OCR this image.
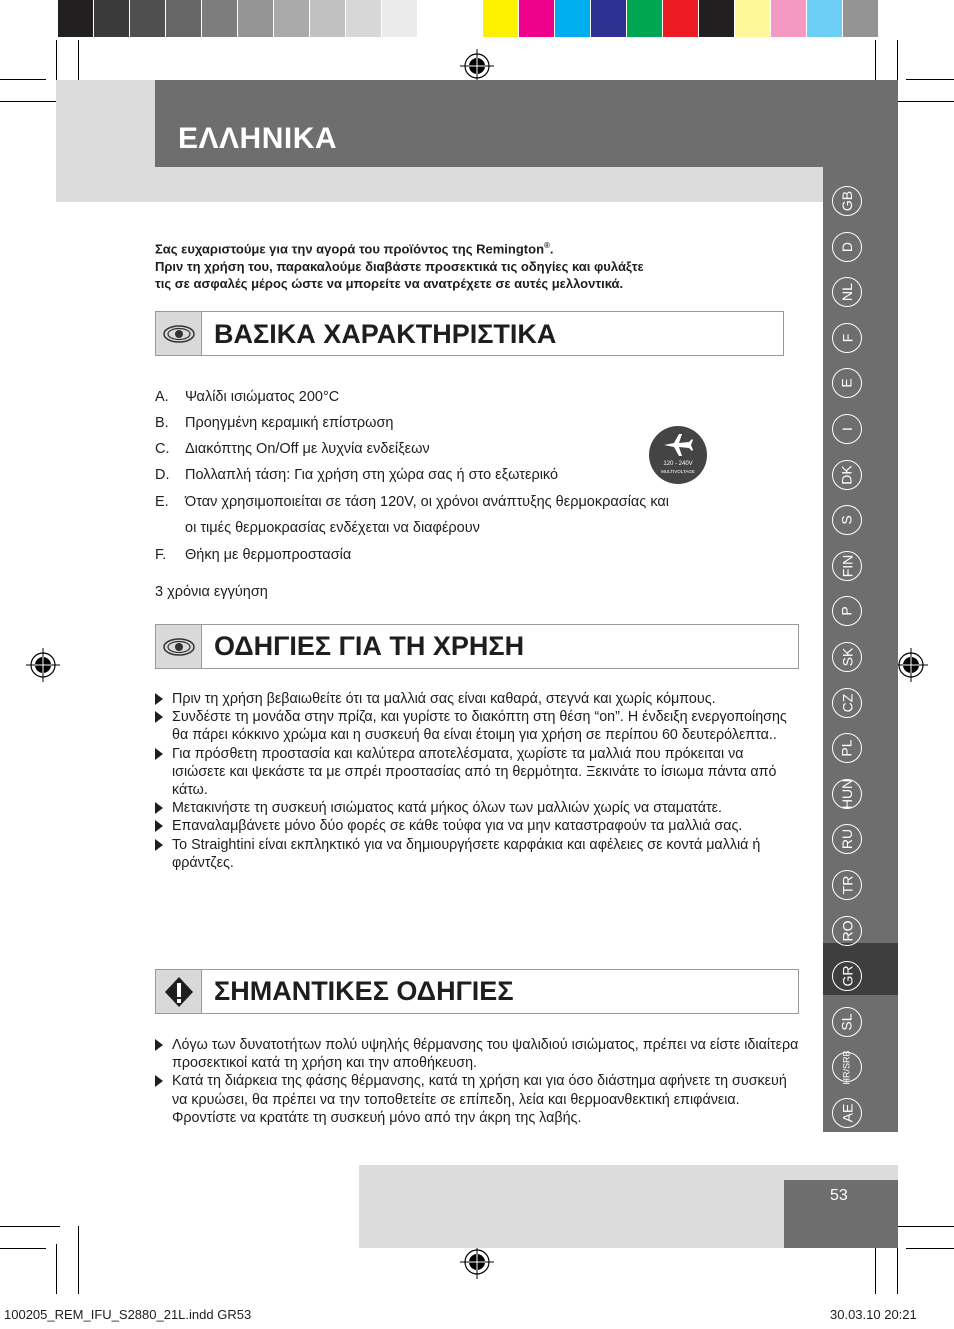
ΕΛΛΗΝΙΚΑ
GB
D
NL
F
E
I
DK
S
FIN
P
SK
CZ
PL
HUN
RU
TR
RO
GR
SL
HR/SRB
AE
Σας ευχαριστούμε για την αγορά του προϊόντος της Remington®.
Πριν τη χρήση του, παρακαλούμε διαβάστε προσεκτικά τις οδηγίες και φυλάξτε
τις σε ασφαλές μέρος ώστε να μπορείτε να ανατρέχετε σε αυτές μελλοντικά.
ΒΑΣΙΚΑ ΧΑΡΑΚΤΗΡΙΣΤΙΚΑ
A. Ψαλίδι ισιώματος 200°C
B. Προηγμένη κεραμική επίστρωση
C. Διακόπτης On/Off με λυχνία ενδείξεων
D. Πολλαπλή τάση: Για χρήση στη χώρα σας ή στο εξωτερικό
E. Όταν χρησιμοποιείται σε τάση 120V, οι χρόνοι ανάπτυξης θερμοκρασίας και
οι τιμές θερμοκρασίας ενδέχεται να διαφέρουν
F. Θήκη με θερμοπροστασία
3 χρόνια εγγύηση
120 - 240V
MULTIVOLTAGE
ΟΔΗΓΙΕΣ ΓΙΑ ΤΗ ΧΡΗΣΗ

Πριν τη χρήση βεβαιωθείτε ότι τα μαλλιά σας είναι καθαρά, στεγνά και χωρίς κόμπους.

Συνδέστε τη μονάδα στην πρίζα, και γυρίστε το διακόπτη στη θέση “on”. Η ένδειξη ενεργοποίησης θα πάρει κόκκινο χρώμα και η συσκευή θα είναι έτοιμη για χρήση σε περίπου 60 δευτερόλεπτα..

Για πρόσθετη προστασία και καλύτερα αποτελέσματα, χωρίστε τα μαλλιά που πρόκειται να ισιώσετε και ψεκάστε τα με σπρέι προστασίας από τη θερμότητα. Ξεκινάτε το ίσιωμα πάντα από κάτω.

Μετακινήστε τη συσκευή ισιώματος κατά μήκος όλων των μαλλιών χωρίς να σταματάτε.

Επαναλαμβάνετε μόνο δύο φορές σε κάθε τούφα για να μην καταστραφούν τα μαλλιά σας.

Το Straightini είναι εκπληκτικό για να δημιουργήσετε καρφάκια και αφέλειες σε κοντά μαλλιά ή φράντζες.

ΣΗΜΑΝΤΙΚΕΣ ΟΔΗΓΙΕΣ

Λόγω των δυνατοτήτων πολύ υψηλής θέρμανσης του ψαλιδιού ισιώματος, πρέπει να είστε ιδιαίτερα προσεκτικοί κατά τη χρήση και την αποθήκευση.

Κατά τη διάρκεια της φάσης θέρμανσης, κατά τη χρήση και για όσο διάστημα αφήνετε τη συσκευή να κρυώσει, θα πρέπει να την τοποθετείτε σε επίπεδη, λεία και θερμοανθεκτική επιφάνεια. Φροντίστε να κρατάτε τη συσκευή μόνο από την άκρη της λαβής.

53
100205_REM_IFU_S2880_21L.indd GR53	30.03.10 20:21
